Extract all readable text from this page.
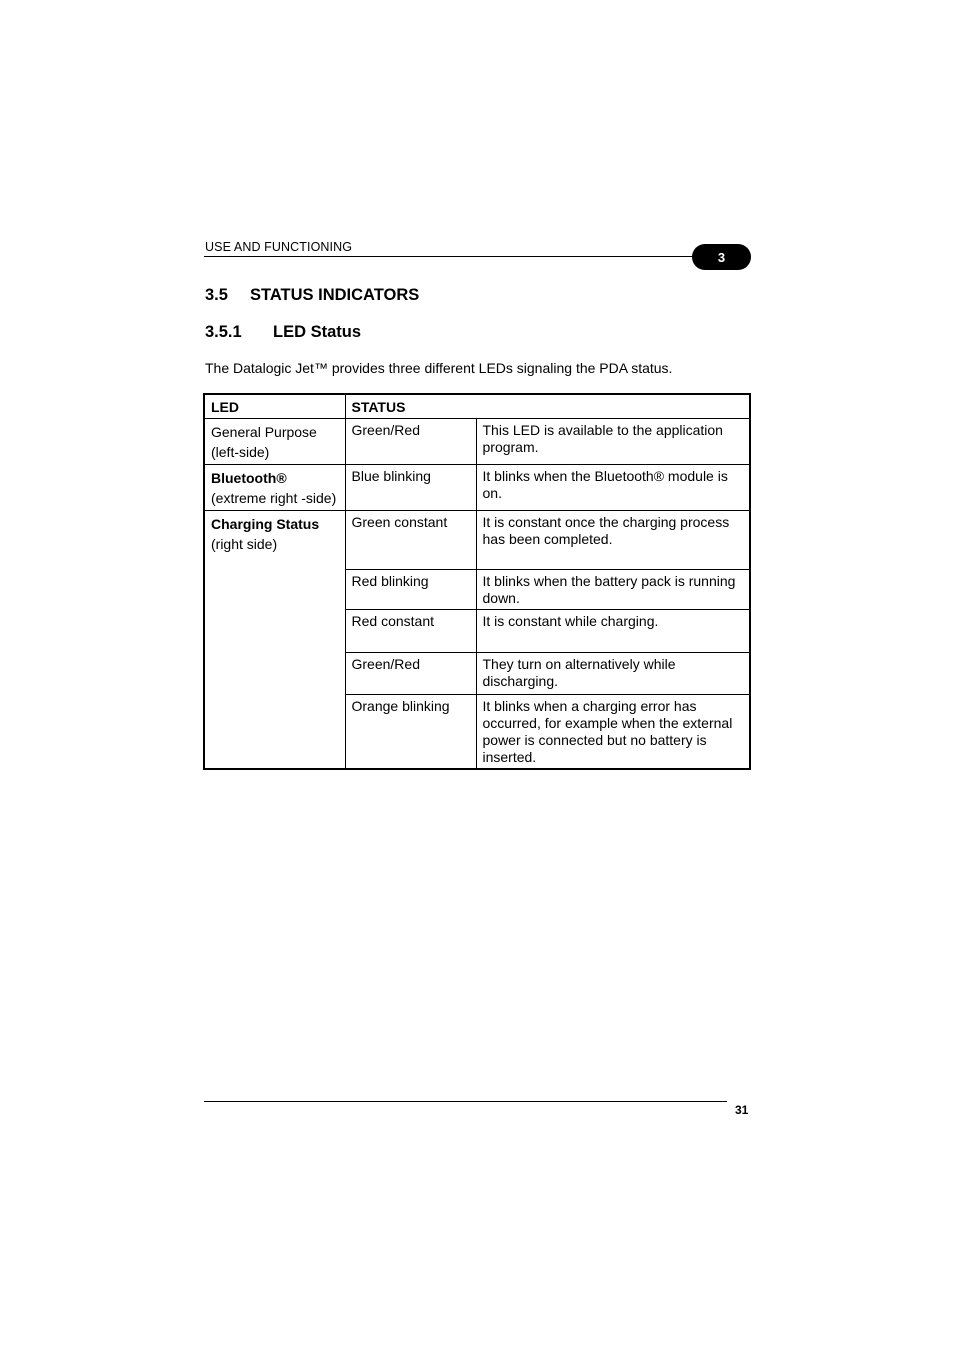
USE AND FUNCTIONING
3
3.5 STATUS INDICATORS
3.5.1 LED Status
The Datalogic Jet™ provides three different LEDs signaling the PDA status.
LED	STATUS	

General Purpose
(left-side)	Green/Red	This LED is available to the application program.

Bluetooth®
(extreme right -side)	Blue blinking	It blinks when the Bluetooth® module is on.

Charging Status
(right side)	Green constant	It is constant once the charging process has been completed.
	Red blinking	It blinks when the battery pack is running down.
	Red constant	It is constant while charging.
	Green/Red	They turn on alternatively while discharging.
	Orange blinking	It blinks when a charging error has occurred, for example when the external power is connected but no battery is inserted.
31
